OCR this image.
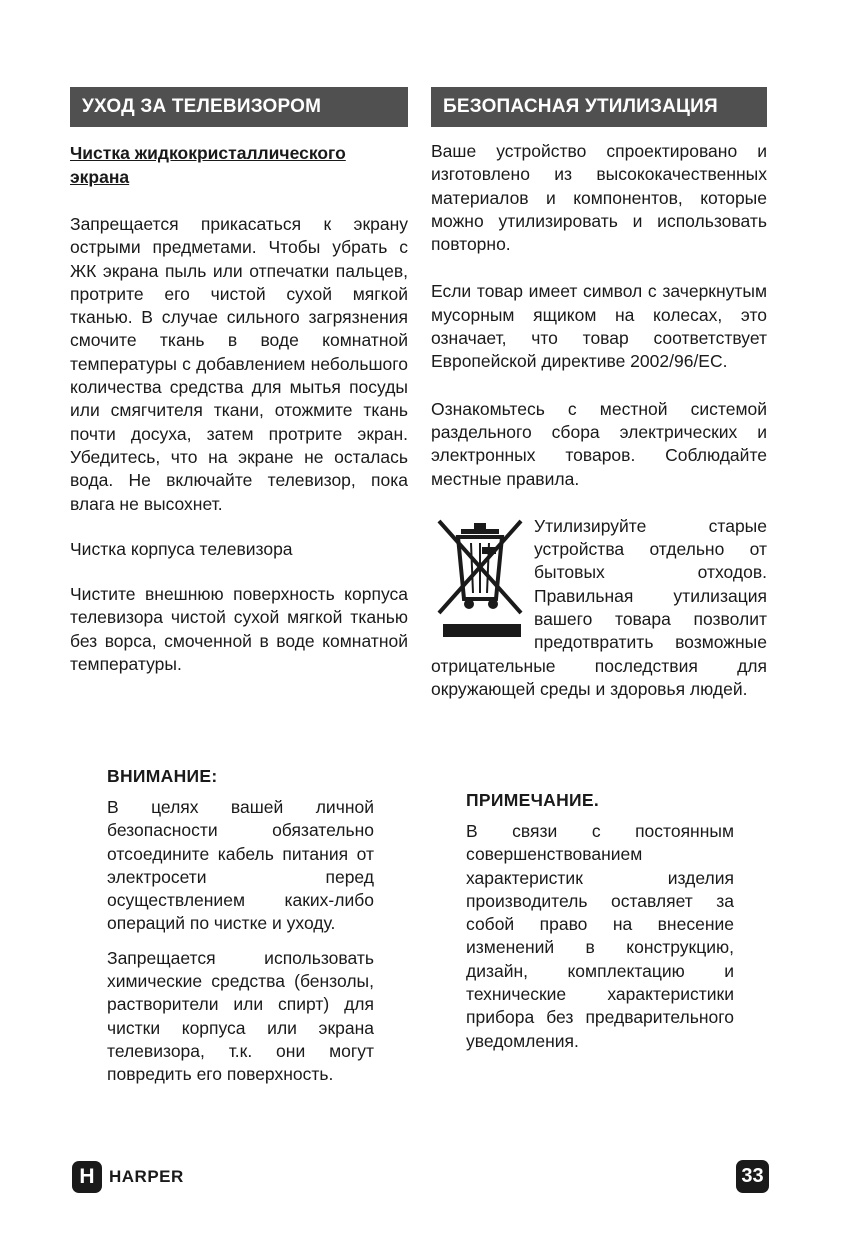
УХОД ЗА ТЕЛЕВИЗОРОМ
Чистка жидкокристаллического экрана

Запрещается прикасаться к экрану острыми предметами. Чтобы убрать с ЖК экрана пыль или отпечатки пальцев, протрите его чистой сухой мягкой тканью. В случае сильного загрязнения смочите ткань в воде комнатной температуры с добавлением небольшого количества средства для мытья посуды или смягчителя ткани, отожмите ткань почти досуха, затем протрите экран. Убедитесь, что на экране не осталась вода. Не включайте телевизор, пока влага не высохнет.

Чистка корпуса телевизора

Чистите внешнюю поверхность корпуса телевизора чистой сухой мягкой тканью без ворса, смоченной в воде комнатной температуры.

ВНИМАНИЕ:

В целях вашей личной безопасности обязательно отсоедините кабель питания от электросети перед осуществлением каких-либо операций по чистке и уходу.

Запрещается использовать химические средства (бензолы, растворители или спирт) для чистки корпуса или экрана телевизора, т.к. они могут повредить его поверхность.

БЕЗОПАСНАЯ УТИЛИЗАЦИЯ

Ваше устройство спроектировано и изготовлено из высококачественных материалов и компонентов, которые можно утилизировать и использовать повторно.

Если товар имеет символ с зачеркнутым мусорным ящиком на колесах, это означает, что товар соответствует Европейской директиве 2002/96/EC.

Ознакомьтесь с местной системой раздельного сбора электрических и электронных товаров. Соблюдайте местные правила.

Утилизируйте старые устройства отдельно от бытовых отходов. Правильная утилизация вашего товара позволит предотвратить возможные отрицательные последствия для окружающей среды и здоровья людей.

ПРИМЕЧАНИЕ.

В связи с постоянным совершенствованием характеристик изделия производитель оставляет за собой право на внесение изменений в конструкцию, дизайн, комплектацию и технические характеристики прибора без предварительного уведомления.

H HARPER	33
